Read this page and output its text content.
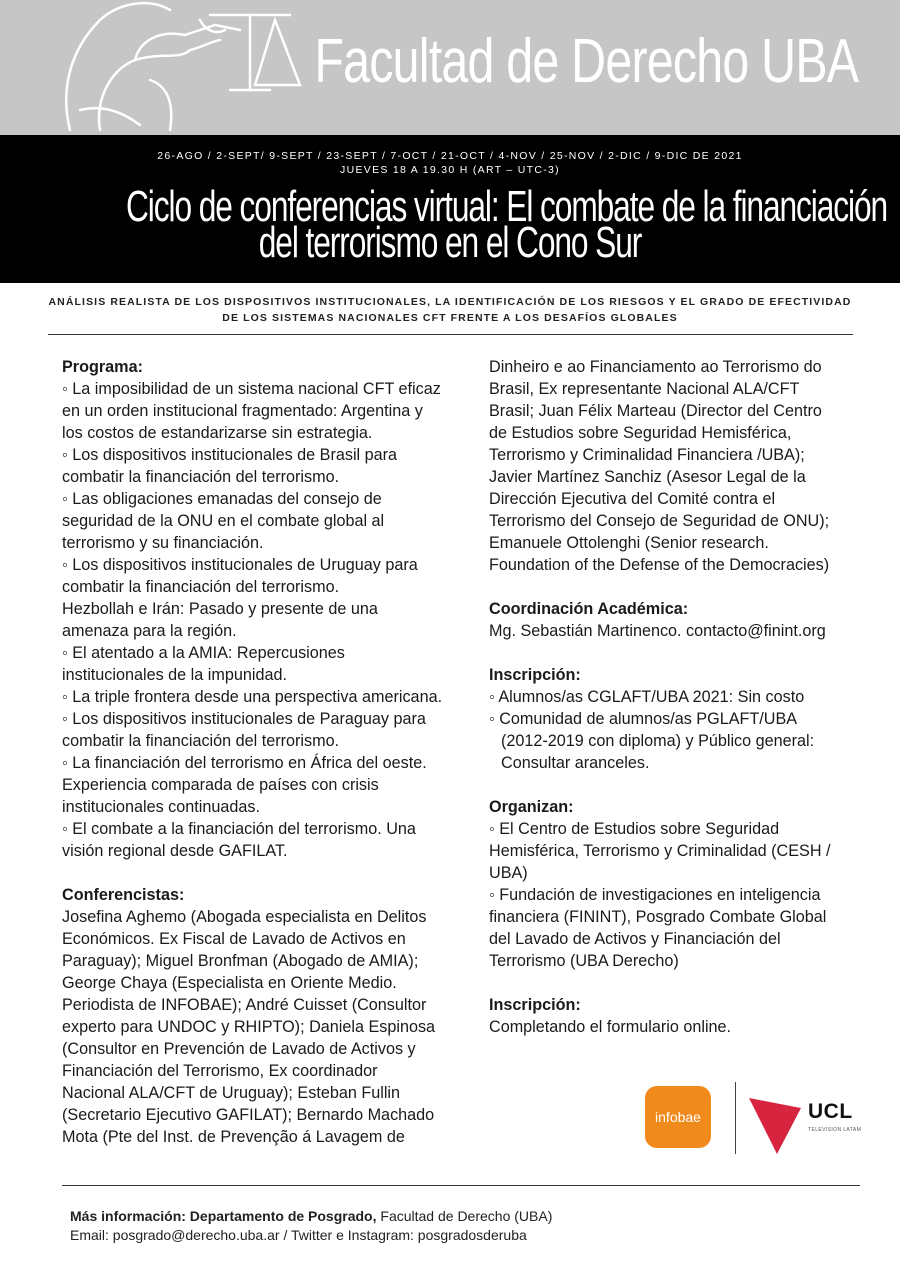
Facultad de Derecho UBA
26-AGO / 2-SEPT/ 9-SEPT / 23-SEPT / 7-OCT / 21-OCT / 4-NOV / 25-NOV / 2-DIC / 9-DIC DE 2021
JUEVES 18 A 19.30 H (ART – UTC-3)
Ciclo de conferencias virtual: El combate de la financiación
del terrorismo en el Cono Sur
ANÁLISIS REALISTA DE LOS DISPOSITIVOS INSTITUCIONALES, LA IDENTIFICACIÓN DE LOS RIESGOS Y EL GRADO DE EFECTIVIDAD
DE LOS SISTEMAS NACIONALES CFT FRENTE A LOS DESAFÍOS GLOBALES

Programa:

◦ La imposibilidad de un sistema nacional CFT eficaz

en un orden institucional fragmentado: Argentina y

los costos de estandarizarse sin estrategia.

◦ Los dispositivos institucionales de Brasil para

combatir la financiación del terrorismo.

◦ Las obligaciones emanadas del consejo de

seguridad de la ONU en el combate global al

terrorismo y su financiación.

◦ Los dispositivos institucionales de Uruguay para

combatir la financiación del terrorismo.

Hezbollah e Irán: Pasado y presente de una

amenaza para la región.

◦ El atentado a la AMIA: Repercusiones

institucionales de la impunidad.

◦ La triple frontera desde una perspectiva americana.

◦ Los dispositivos institucionales de Paraguay para

combatir la financiación del terrorismo.

◦ La financiación del terrorismo en África del oeste.

Experiencia comparada de países con crisis

institucionales continuadas.

◦ El combate a la financiación del terrorismo. Una

visión regional desde GAFILAT.

Conferencistas:

Josefina Aghemo (Abogada especialista en Delitos

Económicos. Ex Fiscal de Lavado de Activos en

Paraguay); Miguel Bronfman (Abogado de AMIA);

George Chaya (Especialista en Oriente Medio.

Periodista de INFOBAE); André Cuisset (Consultor

experto para UNDOC y RHIPTO); Daniela Espinosa

(Consultor en Prevención de Lavado de Activos y

Financiación del Terrorismo, Ex coordinador

Nacional ALA/CFT de Uruguay); Esteban Fullin

(Secretario Ejecutivo GAFILAT); Bernardo Machado

Mota (Pte del Inst. de Prevenção á Lavagem de

Dinheiro e ao Financiamento ao Terrorismo do

Brasil, Ex representante Nacional ALA/CFT

Brasil; Juan Félix Marteau (Director del Centro

de Estudios sobre Seguridad Hemisférica,

Terrorismo y Criminalidad Financiera /UBA);

Javier Martínez Sanchiz (Asesor Legal de la

Dirección Ejecutiva del Comité contra el

Terrorismo del Consejo de Seguridad de ONU);

Emanuele Ottolenghi (Senior research.

Foundation of the Defense of the Democracies)

Coordinación Académica:

Mg. Sebastián Martinenco. contacto@finint.org

Inscripción:

◦ Alumnos/as CGLAFT/UBA 2021: Sin costo

◦ Comunidad de alumnos/as PGLAFT/UBA

(2012-2019 con diploma) y Público general:

Consultar aranceles.

Organizan:

◦ El Centro de Estudios sobre Seguridad

Hemisférica, Terrorismo y Criminalidad (CESH /

UBA)

◦ Fundación de investigaciones en inteligencia

financiera (FININT), Posgrado Combate Global

del Lavado de Activos y Financiación del

Terrorismo (UBA Derecho)

Inscripción:

Completando el formulario online.

infobae	UCL
TELEVISION LATAM
Más información: Departamento de Posgrado, Facultad de Derecho (UBA)
Email: posgrado@derecho.uba.ar / Twitter e Instagram: posgradosderuba
